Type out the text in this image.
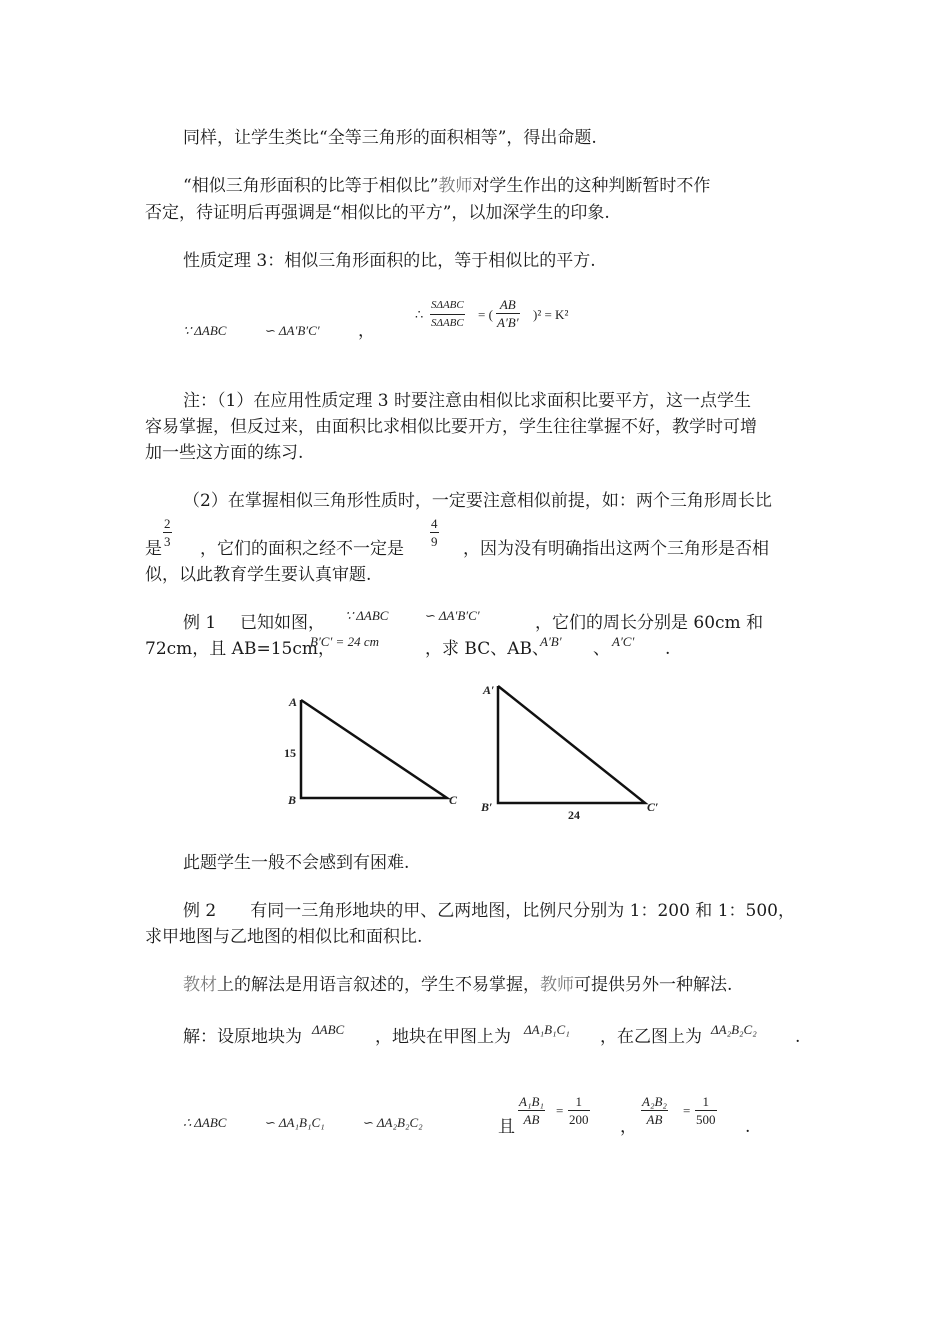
同样，让学生类比“全等三角形的面积相等”，得出命题.
“相似三角形面积的比等于相似比”教师对学生作出的这种判断暂时不作
否定，待证明后再强调是“相似比的平方”，以加深学生的印象.
性质定理 3：相似三角形面积的比，等于相似比的平方.
∵ ΔABC	∽ ΔA′B′C′ ，
∴
SΔABC
SΔABC
= (
AB
A′B′
)² = K²
注：（1）在应用性质定理 3 时要注意由相似比求面积比要平方，这一点学生
容易掌握，但反过来，由面积比求相似比要开方，学生往往掌握不好，教学时可增
加一些这方面的练习.
（2）在掌握相似三角形性质时，一定要注意相似前提，如：两个三角形周长比
是
2
3 ，它们的面积之经不一定是
4
9 ，因为没有明确指出这两个三角形是否相
似，以此教育学生要认真审题.
例 1 已知如图， ∵ ΔABC	∽ ΔA′B′C′	，它们的周长分别是 60cm 和
72cm，且 AB=15cm，
B′C′ = 24 cm	，求 BC、AB、
A′B′ 、 A′C′ .
A
15
B	C
A′
B′	C′
24
此题学生一般不会感到有困难.
例 2　　有同一三角形地块的甲、乙两地图，比例尺分别为 1：200 和 1：500，
求甲地图与乙地图的相似比和面积比.
教材上的解法是用语言叙述的，学生不易掌握，教师可提供另外一种解法.
解：设原地块为 ΔABC ，地块在甲图上为 ΔA₁B₁C₁ ，在乙图上为 ΔA₂B₂C₂ .
∴ ΔABC	∽ ΔA₁B₁C₁	∽ ΔA₂B₂C₂	且
A₁B₁
AB
=
1
200 ，
A₂B₂
AB
=
1
500 .
